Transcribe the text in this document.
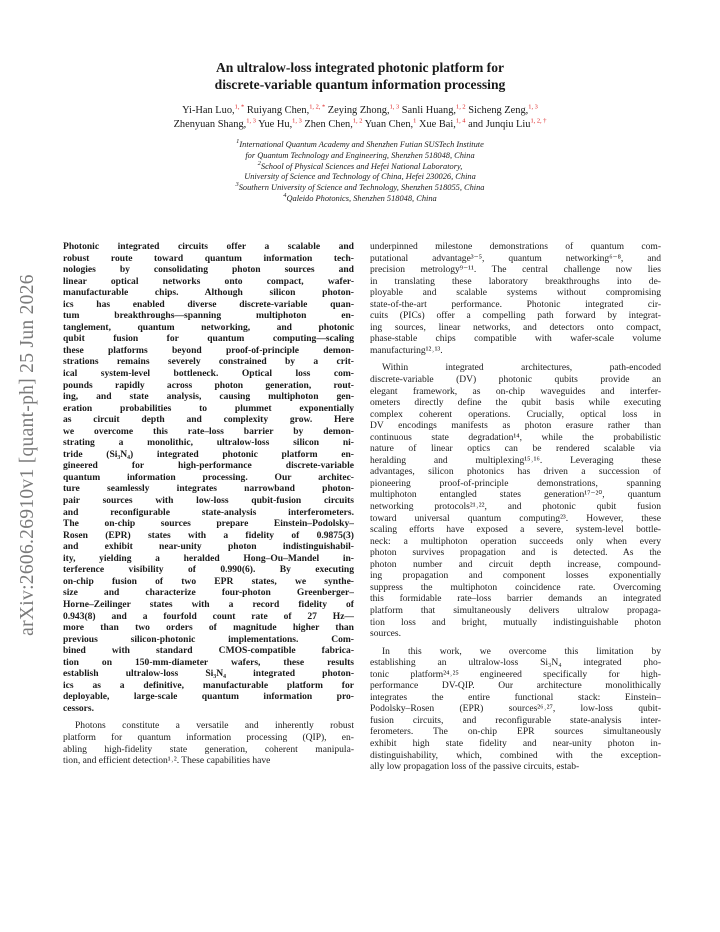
arXiv:2606.26910v1 [quant-ph] 25 Jun 2026
An ultralow-loss integrated photonic platform for
discrete-variable quantum information processing
Yi-Han Luo,$^{1, *}$ Ruiyang Chen,$^{1, 2, *}$ Zeying Zhong,$^{1, 3}$ Sanli Huang,$^{1, 2}$ Sicheng Zeng,$^{1, 3}$
Zhenyuan Shang,$^{1, 3}$ Yue Hu,$^{1, 3}$ Zhen Chen,$^{1, 2}$ Yuan Chen,$^1$ Xue Bai,$^{1, 4}$ and Junqiu Liu$^{1, 2, \dagger}$
$^1$International Quantum Academy and Shenzhen Futian SUSTech Institute
for Quantum Technology and Engineering, Shenzhen 518048, China
$^2$School of Physical Sciences and Hefei National Laboratory,
University of Science and Technology of China, Hefei 230026, China
$^3$Southern University of Science and Technology, Shenzhen 518055, China
$^4$Qaleido Photonics, Shenzhen 518048, China
Photonic integrated circuits offer a scalable and
robust route toward quantum information tech-
nologies by consolidating photon sources and
linear optical networks onto compact, wafer-
manufacturable chips. Although silicon photon-
ics has enabled diverse discrete-variable quan-
tum breakthroughs—spanning multiphoton en-
tanglement, quantum networking, and photonic
qubit fusion for quantum computing—scaling
these platforms beyond proof-of-principle demon-
strations remains severely constrained by a crit-
ical system-level bottleneck. Optical loss com-
pounds rapidly across photon generation, rout-
ing, and state analysis, causing multiphoton gen-
eration probabilities to plummet exponentially
as circuit depth and complexity grow. Here
we overcome this rate–loss barrier by demon-
strating a monolithic, ultralow-loss silicon ni-
tride (Si₃N₄) integrated photonic platform en-
gineered for high-performance discrete-variable
quantum information processing. Our architec-
ture seamlessly integrates narrowband photon-
pair sources with low-loss qubit-fusion circuits
and reconfigurable state-analysis interferometers.
The on-chip sources prepare Einstein–Podolsky–
Rosen (EPR) states with a fidelity of 0.9875(3)
and exhibit near-unity photon indistinguishabil-
ity, yielding a heralded Hong–Ou–Mandel in-
terference visibility of 0.990(6). By executing
on-chip fusion of two EPR states, we synthe-
size and characterize four-photon Greenberger–
Horne–Zeilinger states with a record fidelity of
0.943(8) and a fourfold count rate of 27 Hz—
more than two orders of magnitude higher than
previous silicon-photonic implementations. Com-
bined with standard CMOS-compatible fabrica-
tion on 150-mm-diameter wafers, these results
establish ultralow-loss Si₃N₄ integrated photon-
ics as a definitive, manufacturable platform for
deployable, large-scale quantum information pro-
cessors.
Photons constitute a versatile and inherently robust
platform for quantum information processing (QIP), en-
abling high-fidelity state generation, coherent manipula-
tion, and efficient detection¹˒². These capabilities have
underpinned milestone demonstrations of quantum com-
putational advantage³⁻⁵, quantum networking⁶⁻⁸, and
precision metrology⁹⁻¹¹. The central challenge now lies
in translating these laboratory breakthroughs into de-
ployable and scalable systems without compromising
state-of-the-art performance. Photonic integrated cir-
cuits (PICs) offer a compelling path forward by integrat-
ing sources, linear networks, and detectors onto compact,
phase-stable chips compatible with wafer-scale volume
manufacturing¹²˒¹³.
Within integrated architectures, path-encoded
discrete-variable (DV) photonic qubits provide an
elegant framework, as on-chip waveguides and interfer-
ometers directly define the qubit basis while executing
complex coherent operations. Crucially, optical loss in
DV encodings manifests as photon erasure rather than
continuous state degradation¹⁴, while the probabilistic
nature of linear optics can be rendered scalable via
heralding and multiplexing¹⁵˒¹⁶. Leveraging these
advantages, silicon photonics has driven a succession of
pioneering proof-of-principle demonstrations, spanning
multiphoton entangled states generation¹⁷⁻²⁰, quantum
networking protocols²¹˒²², and photonic qubit fusion
toward universal quantum computing²³. However, these
scaling efforts have exposed a severe, system-level bottle-
neck: a multiphoton operation succeeds only when every
photon survives propagation and is detected. As the
photon number and circuit depth increase, compound-
ing propagation and component losses exponentially
suppress the multiphoton coincidence rate. Overcoming
this formidable rate–loss barrier demands an integrated
platform that simultaneously delivers ultralow propaga-
tion loss and bright, mutually indistinguishable photon
sources.
In this work, we overcome this limitation by
establishing an ultralow-loss Si₃N₄ integrated pho-
tonic platform²⁴˒²⁵ engineered specifically for high-
performance DV-QIP. Our architecture monolithically
integrates the entire functional stack: Einstein–
Podolsky–Rosen (EPR) sources²⁶˒²⁷, low-loss qubit-
fusion circuits, and reconfigurable state-analysis inter-
ferometers. The on-chip EPR sources simultaneously
exhibit high state fidelity and near-unity photon in-
distinguishability, which, combined with the exception-
ally low propagation loss of the passive circuits, estab-
